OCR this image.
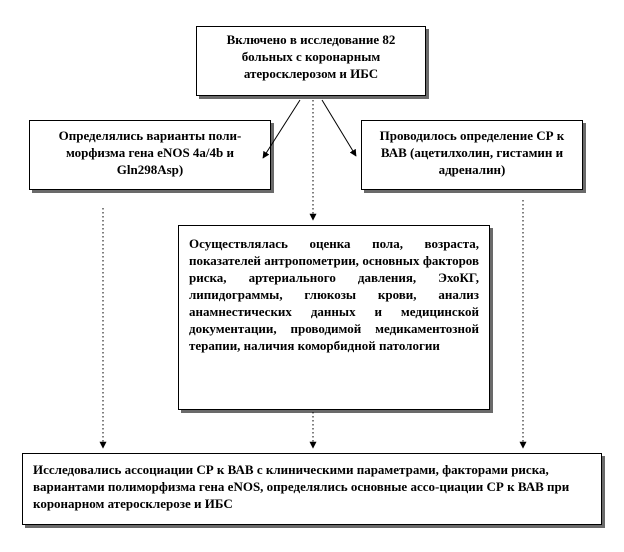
Включено в исследование 82 больных с коронарным атеросклерозом и ИБС
Определялись варианты поли-морфизма гена eNOS 4a/4b и Gln298Asp)
Проводилось определение СР к ВАВ (ацетилхолин, гистамин и адреналин)
Осуществлялась оценка пола, возраста, показателей антропометрии, основных факторов риска, артериального давления, ЭхоКГ, липидограммы, глюкозы крови, анализ анамнестических данных и медицинской документации, проводимой медикаментозной терапии, наличия коморбидной патологии
Исследовались ассоциации СР к ВАВ с клиническими параметрами, факторами риска, вариантами полиморфизма гена eNOS, определялись основные ассо-циации СР к ВАВ при коронарном атеросклерозе и ИБС
